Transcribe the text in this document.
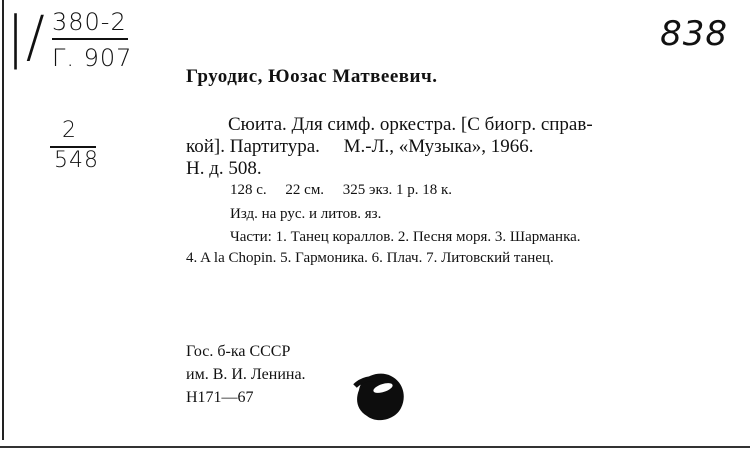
|/ 380-2
Г. 907
2
548
838
Груодис, Юозас Матвеевич.
Сюита. Для симф. оркестра. [С биогр. справ-
кой]. Партитура.     М.-Л., «Музыка», 1966.
Н. д. 508.
128 с.     22 см.     325 экз. 1 р. 18 к.
Изд. на рус. и литов. яз.
Части: 1. Танец кораллов. 2. Песня моря. 3. Шарманка.
4. A la Chopin. 5. Гармоника. 6. Плач. 7. Литовский танец.
Гос. б-ка СССР
им. В. И. Ленина.
Н171—67
